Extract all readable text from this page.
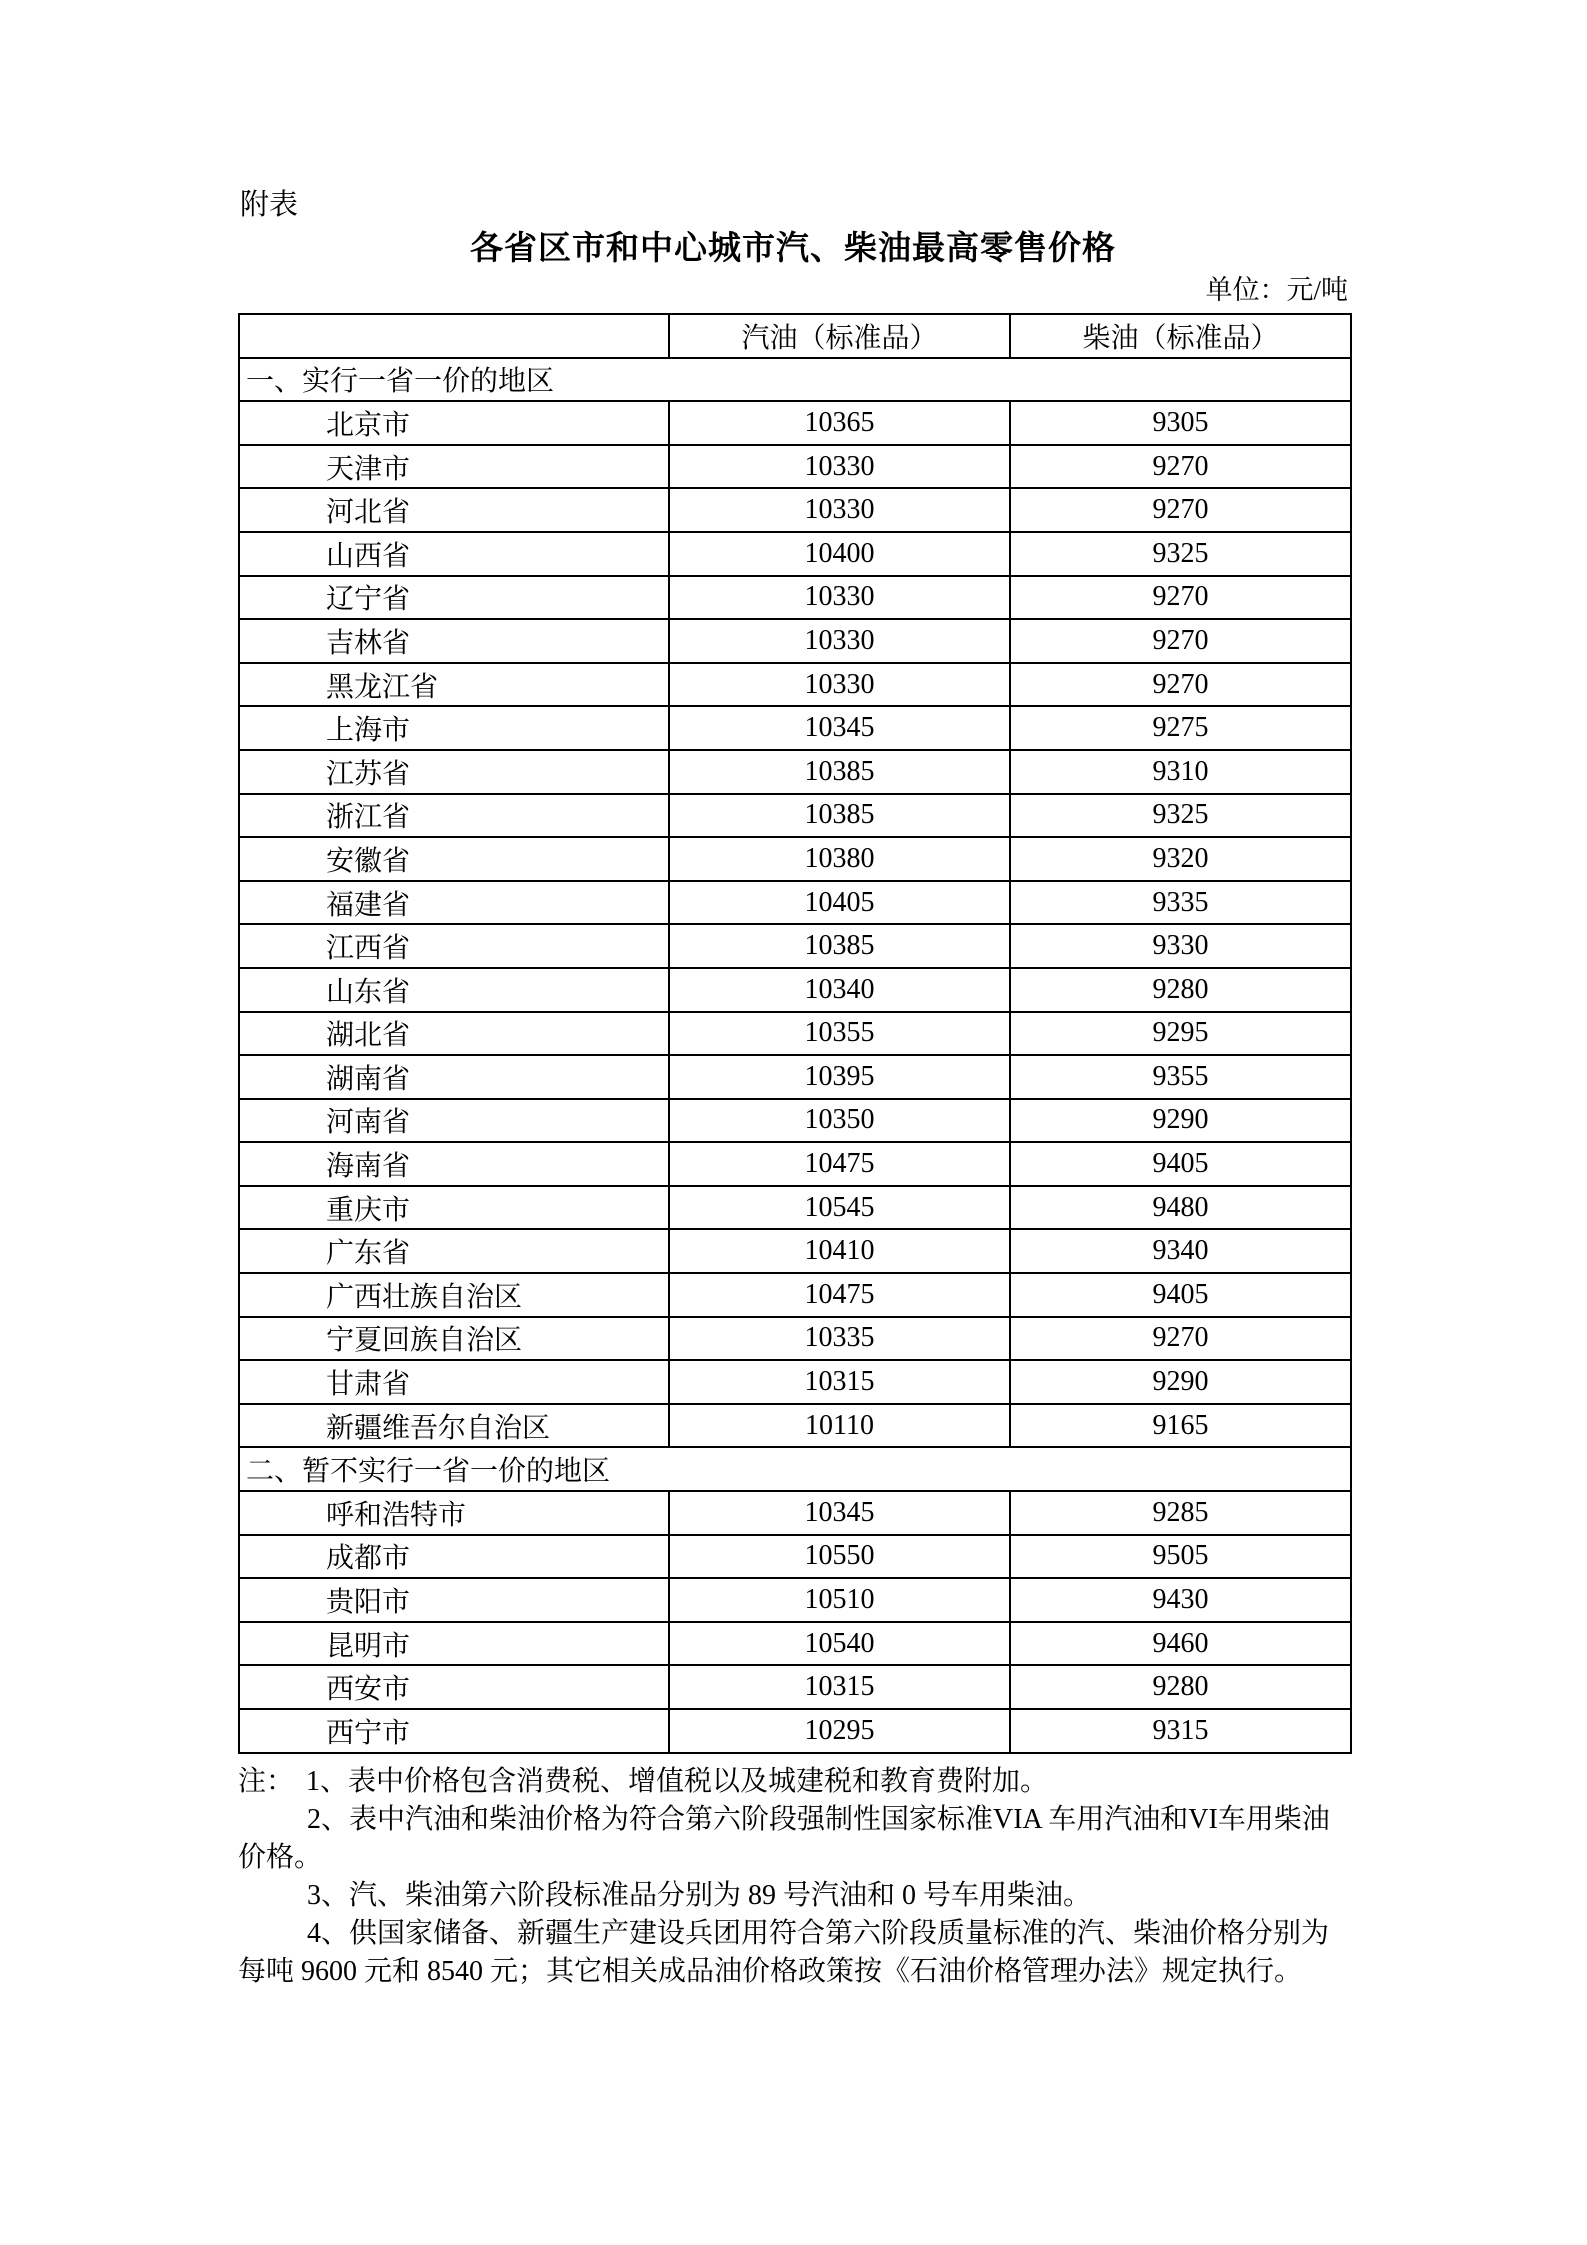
附表
各省区市和中心城市汽、柴油最高零售价格
单位：元/吨
	汽油（标准品）	柴油（标准品）
一、实行一省一价的地区		
北京市	10365	9305
天津市	10330	9270
河北省	10330	9270
山西省	10400	9325
辽宁省	10330	9270
吉林省	10330	9270
黑龙江省	10330	9270
上海市	10345	9275
江苏省	10385	9310
浙江省	10385	9325
安徽省	10380	9320
福建省	10405	9335
江西省	10385	9330
山东省	10340	9280
湖北省	10355	9295
湖南省	10395	9355
河南省	10350	9290
海南省	10475	9405
重庆市	10545	9480
广东省	10410	9340
广西壮族自治区	10475	9405
宁夏回族自治区	10335	9270
甘肃省	10315	9290
新疆维吾尔自治区	10110	9165
二、暂不实行一省一价的地区		
呼和浩特市	10345	9285
成都市	10550	9505
贵阳市	10510	9430
昆明市	10540	9460
西安市	10315	9280
西宁市	10295	9315

注： 1、表中价格包含消费税、增值税以及城建税和教育费附加。

2、表中汽油和柴油价格为符合第六阶段强制性国家标准VIA 车用汽油和VI车用柴油价格。

3、汽、柴油第六阶段标准品分别为 89 号汽油和 0 号车用柴油。

4、供国家储备、新疆生产建设兵团用符合第六阶段质量标准的汽、柴油价格分别为每吨 9600 元和 8540 元；其它相关成品油价格政策按《石油价格管理办法》规定执行。
